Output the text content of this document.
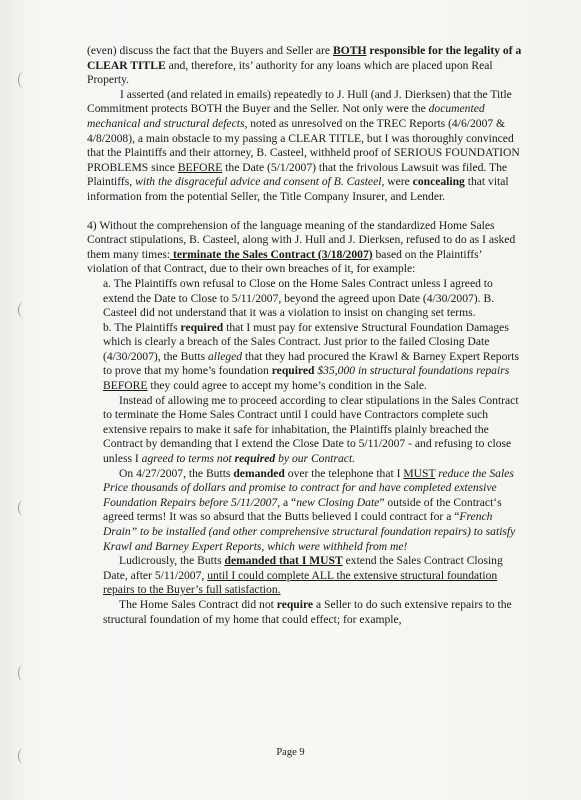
(even) discuss the fact that the Buyers and Seller are BOTH responsible for the legality of a CLEAR TITLE and, therefore, its’ authority for any loans which are placed upon Real Property.

I asserted (and related in emails) repeatedly to J. Hull (and J. Dierksen) that the Title Commitment protects BOTH the Buyer and the Seller. Not only were the documented mechanical and structural defects, noted as unresolved on the TREC Reports (4/6/2007 & 4/8/2008), a main obstacle to my passing a CLEAR TITLE, but I was thoroughly convinced that the Plaintiffs and their attorney, B. Casteel, withheld proof of SERIOUS FOUNDATION PROBLEMS since BEFORE the Date (5/1/2007) that the frivolous Lawsuit was filed. The Plaintiffs, with the disgraceful advice and consent of B. Casteel, were concealing that vital information from the potential Seller, the Title Company Insurer, and Lender.

4) Without the comprehension of the language meaning of the standardized Home Sales Contract stipulations, B. Casteel, along with J. Hull and J. Dierksen, refused to do as I asked them many times: terminate the Sales Contract (3/18/2007) based on the Plaintiffs’ violation of that Contract, due to their own breaches of it, for example:

a. The Plaintiffs own refusal to Close on the Home Sales Contract unless I agreed to extend the Date to Close to 5/11/2007, beyond the agreed upon Date (4/30/2007). B. Casteel did not understand that it was a violation to insist on changing set terms.

b. The Plaintiffs required that I must pay for extensive Structural Foundation Damages which is clearly a breach of the Sales Contract. Just prior to the failed Closing Date (4/30/2007), the Butts alleged that they had procured the Krawl & Barney Expert Reports to prove that my home’s foundation required $35,000 in structural foundations repairs BEFORE they could agree to accept my home’s condition in the Sale.

Instead of allowing me to proceed according to clear stipulations in the Sales Contract to terminate the Home Sales Contract until I could have Contractors complete such extensive repairs to make it safe for inhabitation, the Plaintiffs plainly breached the Contract by demanding that I extend the Close Date to 5/11/2007 - and refusing to close unless I agreed to terms not required by our Contract.

On 4/27/2007, the Butts demanded over the telephone that I MUST reduce the Sales Price thousands of dollars and promise to contract for and have completed extensive Foundation Repairs before 5/11/2007, a “new Closing Date” outside of the Contract‘s agreed terms! It was so absurd that the Butts believed I could contract for a “French Drain” to be installed (and other comprehensive structural foundation repairs) to satisfy Krawl and Barney Expert Reports, which were withheld from me!

Ludicrously, the Butts demanded that I MUST extend the Sales Contract Closing Date, after 5/11/2007, until I could complete ALL the extensive structural foundation repairs to the Buyer’s full satisfaction.

The Home Sales Contract did not require a Seller to do such extensive repairs to the structural foundation of my home that could effect; for example,

Page 9
